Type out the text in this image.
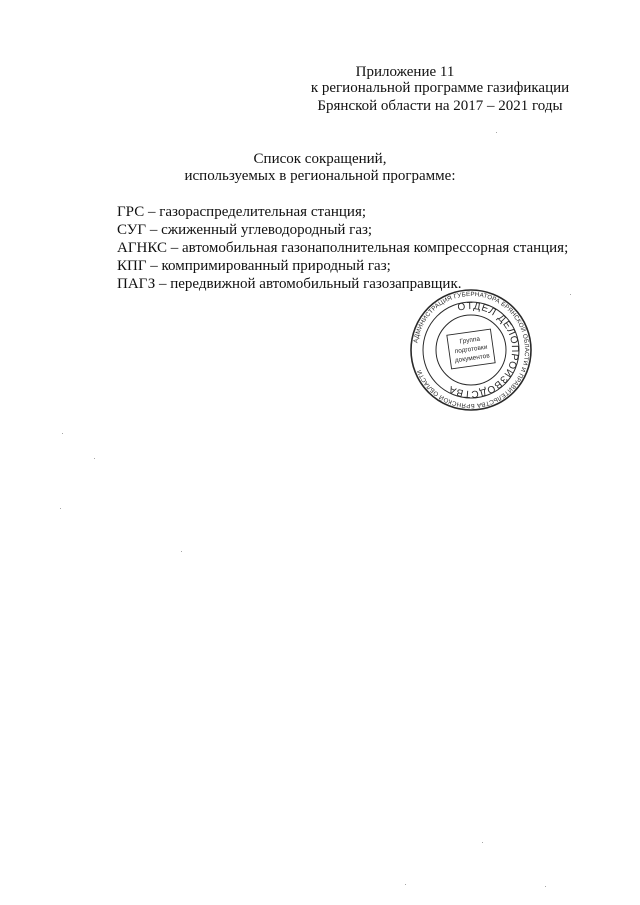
Приложение 11
к региональной программе газификации
Брянской области на 2017 – 2021 годы
Список сокращений,
используемых в региональной программе:
ГРС – газораспределительная станция;
СУГ – сжиженный углеводородный газ;
АГНКС – автомобильная газонаполнительная компрессорная станция;
КПГ – компримированный природный газ;
ПАГЗ – передвижной автомобильный газозаправщик.
АДМИНИСТРАЦИЯ ГУБЕРНАТОРА БРЯНСКОЙ ОБЛАСТИ И ПРАВИТЕЛЬСТВА БРЯНСКОЙ ОБЛАСТИ
ОТДЕЛ ДЕЛОПРОИЗВОДСТВА
Группа
подготовки
документов
